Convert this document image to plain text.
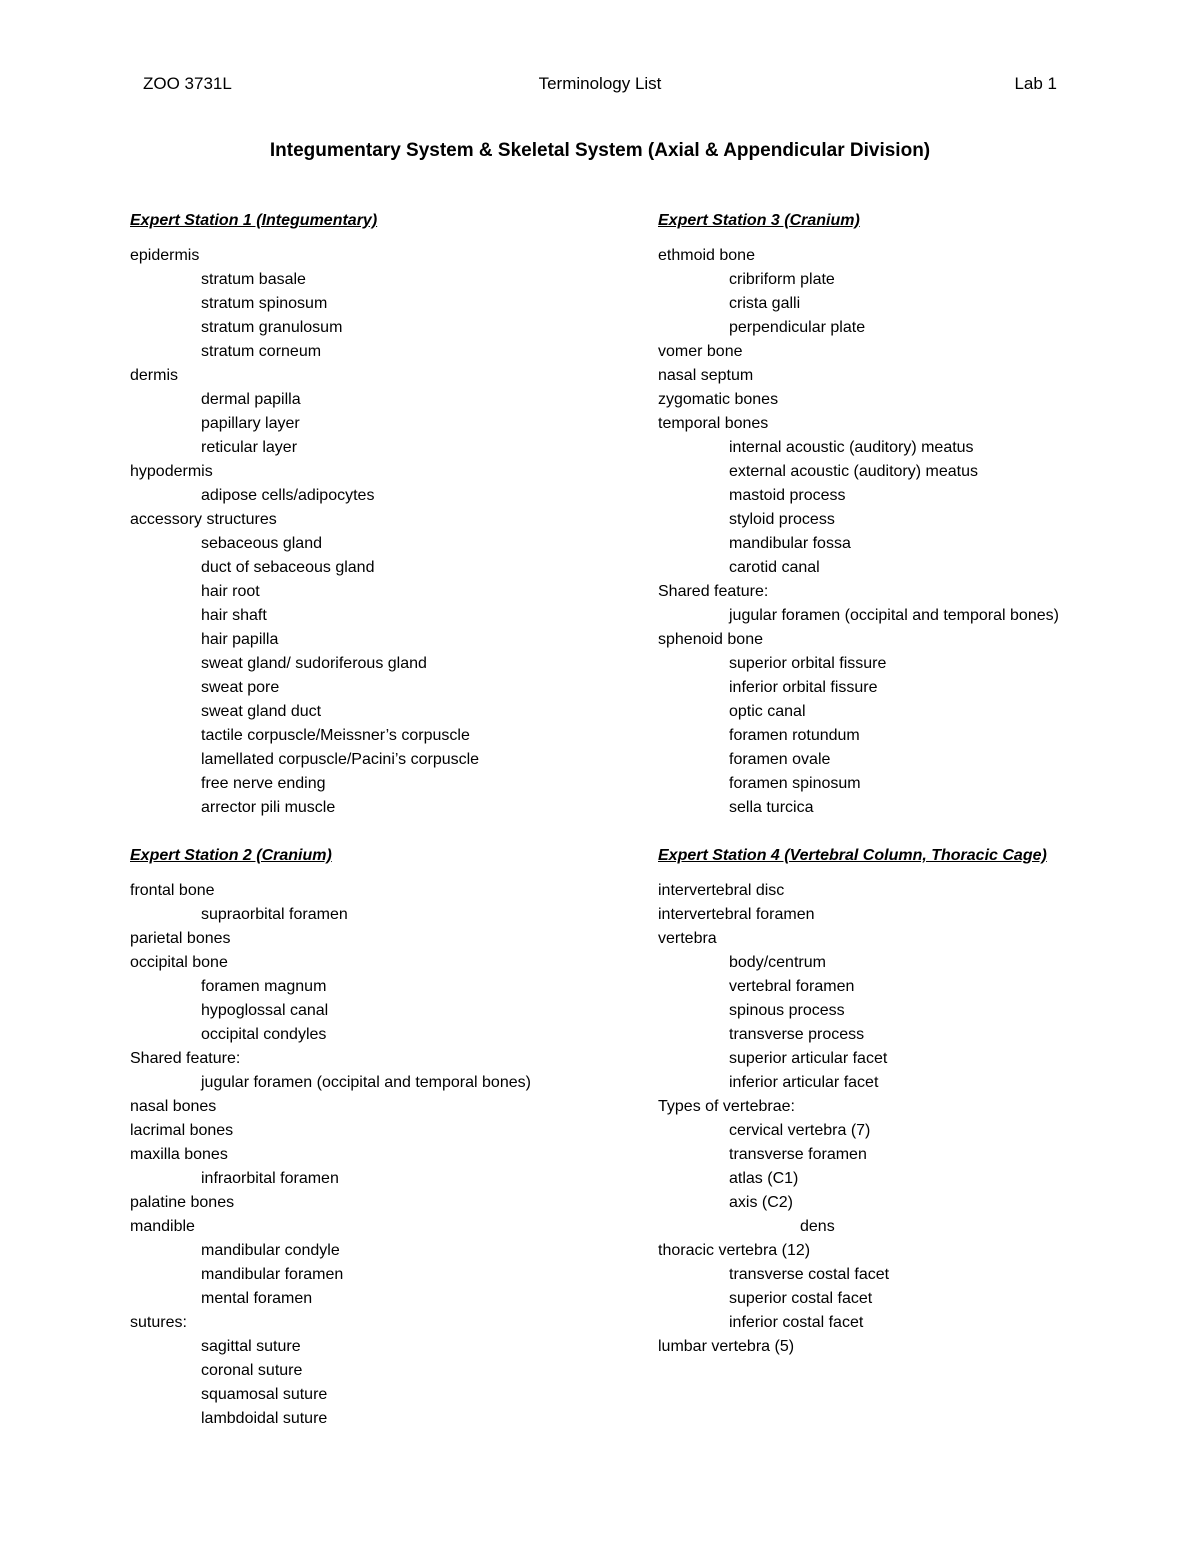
ZOO 3731L	Terminology List	Lab 1
Integumentary System & Skeletal System (Axial & Appendicular Division)
Expert Station 1 (Integumentary)
epidermis
stratum basale
stratum spinosum
stratum granulosum
stratum corneum
dermis
dermal papilla
papillary layer
reticular layer
hypodermis
adipose cells/adipocytes
accessory structures
sebaceous gland
duct of sebaceous gland
hair root
hair shaft
hair papilla
sweat gland/ sudoriferous gland
sweat pore
sweat gland duct
tactile corpuscle/Meissner’s corpuscle
lamellated corpuscle/Pacini’s corpuscle
free nerve ending
arrector pili muscle
Expert Station 2 (Cranium)
frontal bone
supraorbital foramen
parietal bones
occipital bone
foramen magnum
hypoglossal canal
occipital condyles
Shared feature:
jugular foramen (occipital and temporal bones)
nasal bones
lacrimal bones
maxilla bones
infraorbital foramen
palatine bones
mandible
mandibular condyle
mandibular foramen
mental foramen
sutures:
sagittal suture
coronal suture
squamosal suture
lambdoidal suture
Expert Station 3 (Cranium)
ethmoid bone
cribriform plate
crista galli
perpendicular plate
vomer bone
nasal septum
zygomatic bones
temporal bones
internal acoustic (auditory) meatus
external acoustic (auditory) meatus
mastoid process
styloid process
mandibular fossa
carotid canal
Shared feature:
jugular foramen (occipital and temporal bones)
sphenoid bone
superior orbital fissure
inferior orbital fissure
optic canal
foramen rotundum
foramen ovale
foramen spinosum
sella turcica
Expert Station 4 (Vertebral Column, Thoracic Cage)
intervertebral disc
intervertebral foramen
vertebra
body/centrum
vertebral foramen
spinous process
transverse process
superior articular facet
inferior articular facet
Types of vertebrae:
cervical vertebra (7)
transverse foramen
atlas (C1)
axis (C2)
dens
thoracic vertebra (12)
transverse costal facet
superior costal facet
inferior costal facet
lumbar vertebra (5)
